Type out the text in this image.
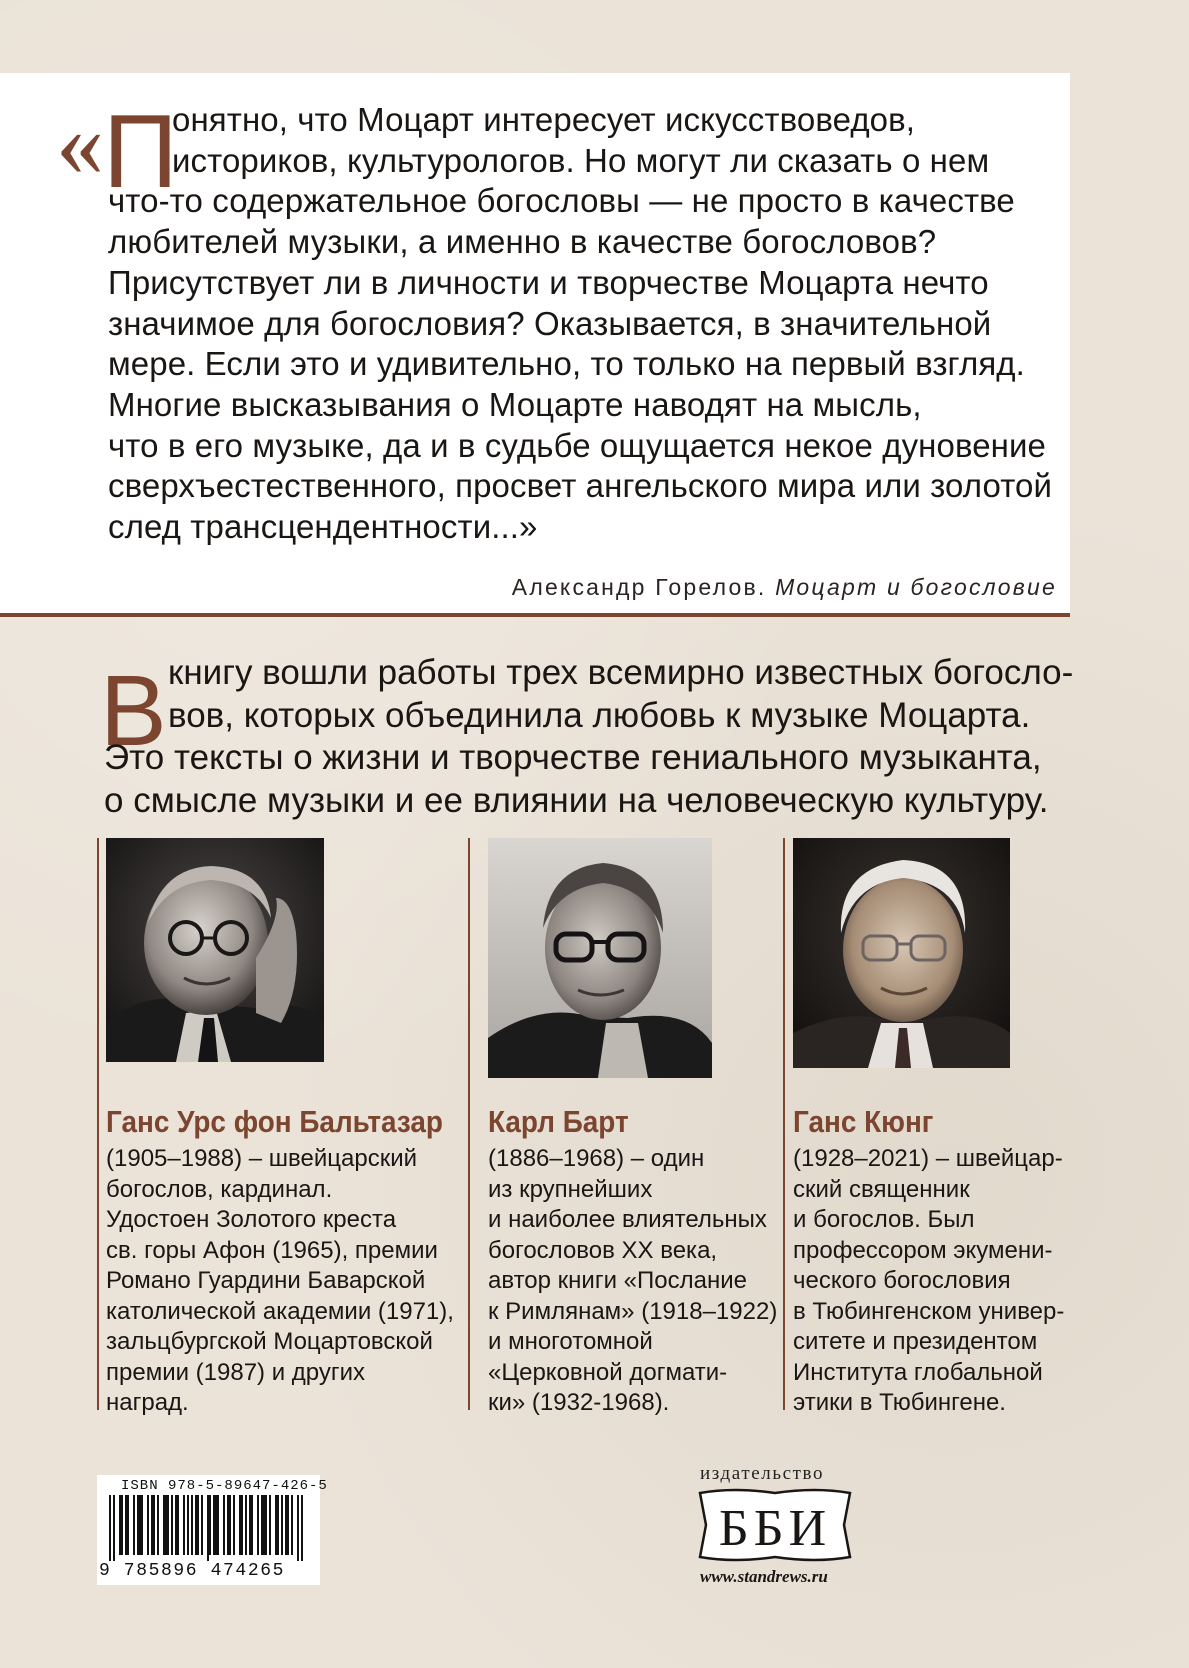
« П

онятно, что Моцарт интересует искусствоведов,
историков, культурологов. Но могут ли сказать о нем
что-то содержательное богословы — не просто в качестве
любителей музыки, а именно в качестве богословов?
Присутствует ли в личности и творчестве Моцарта нечто
значимое для богословия? Оказывается, в значительной
мере. Если это и удивительно, то только на первый взгляд.
Многие высказывания о Моцарте наводят на мысль,
что в его музыке, да и в судьбе ощущается некое дуновение
сверхъестественного, просвет ангельского мира или золотой
след трансцендентности...»

Александр Горелов. Моцарт и богословие
В книгу вошли работы трех всемирно известных богосло-
вов, которых объединила любовь к музыке Моцарта.
Это тексты о жизни и творчестве гениального музыканта,
о смысле музыки и ее влиянии на человеческую культуру.

Ганс Урс фон Бальтазар

(1905–1988) – швейцарский
богослов, кардинал.
Удостоен Золотого креста
св. горы Афон (1965), премии
Романо Гуардини Баварской
католической академии (1971),
зальцбургской Моцартовской
премии (1987) и других
наград.

Карл Барт

(1886–1968) – один
из крупнейших
и наиболее влиятельных
богословов XX века,
автор книги «Послание
к Римлянам» (1918–1922)
и многотомной
«Церковной догмати-
ки» (1932-1968).

Ганс Кюнг

(1928–2021) – швейцар-
ский священник
и богослов. Был
профессором экумени-
ческого богословия
в Тюбингенском универ-
ситете и президентом
Института глобальной
этики в Тюбингене.

ISBN 978-5-89647-426-5
9 785896 474265
издательство
ББИ
www.standrews.ru
